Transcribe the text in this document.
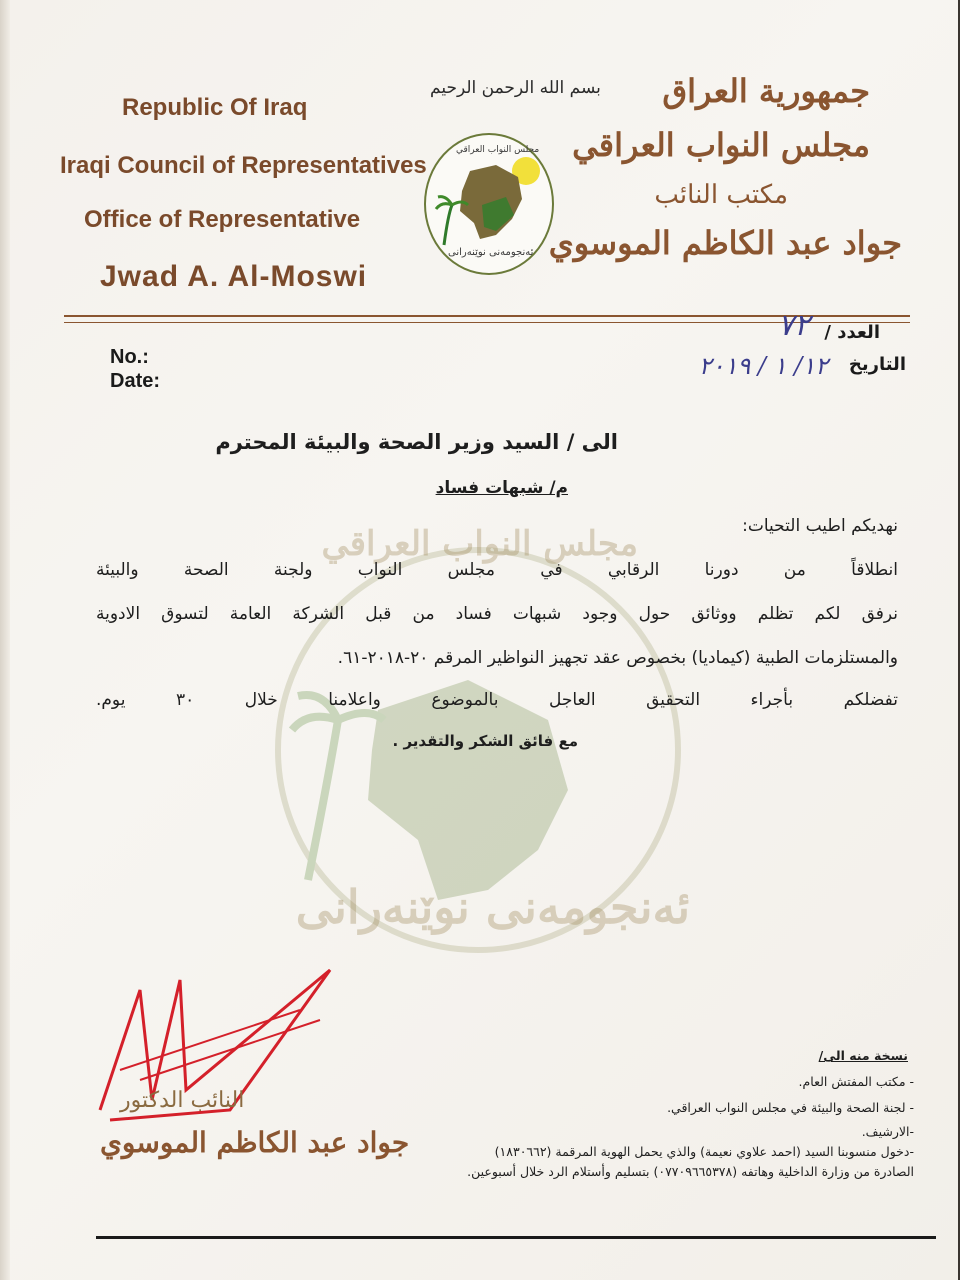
Republic Of Iraq
Iraqi Council of Representatives
Office of Representative
Jwad A. Al-Moswi
جمهورية العراق
مجلس النواب العراقي
مكتب النائب
جواد عبد الكاظم الموسوي
بسم الله الرحمن الرحيم
مجلس النواب العراقي
ئەنجومەنی نوێنەرانی
No.:
Date:
العدد /
٧٢
التاريخ
١٢/ ١ / ٢٠١٩
مجلس النواب العراقي
ئەنجومەنی نوێنەرانی
الى / السيد وزير الصحة والبيئة المحترم
م/ شبهات فساد
نهديكم اطيب التحيات:
انطلاقاً من دورنا الرقابي في مجلس النواب ولجنة الصحة والبيئة
نرفق لكم تظلم ووثائق حول وجود شبهات فساد من قبل الشركة العامة لتسوق الادوية
والمستلزمات الطبية (كيماديا) بخصوص عقد تجهيز النواظير المرقم ٢٠-٢٠١٨-٦١.
تفضلكم بأجراء التحقيق العاجل بالموضوع واعلامنا خلال ٣٠ يوم.
مع فائق الشكر والتقدير .
النائب الدكتور
جواد عبد الكاظم الموسوي
نسخة منه الى/
- مكتب المفتش العام.
- لجنة الصحة والبيئة في مجلس النواب العراقي.
-الارشيف.
-دخول منسوبنا السيد (احمد علاوي نعيمة) والذي يحمل الهوية المرقمة (١٨٣٠٦٦٢)
الصادرة من وزارة الداخلية وهاتفه (٠٧٧٠٩٦٦٥٣٧٨) بتسليم وأستلام الرد خلال أسبوعين.
